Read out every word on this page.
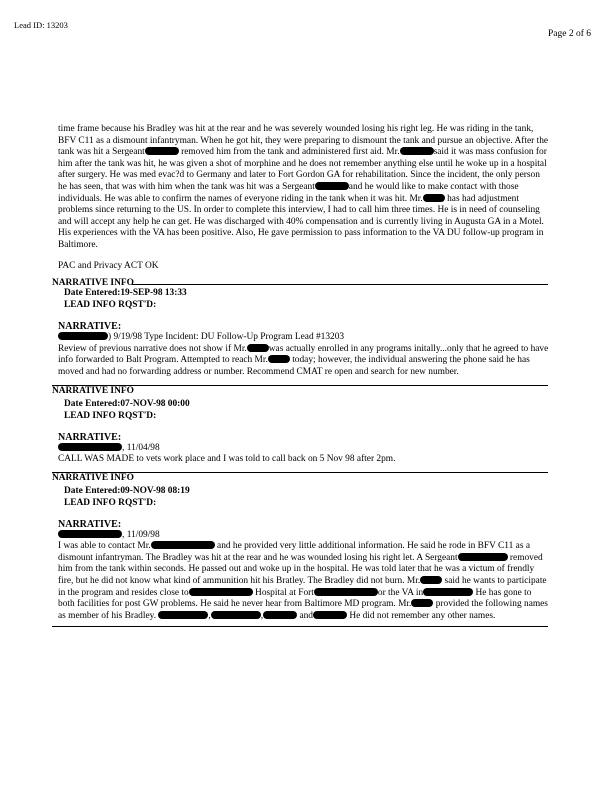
Lead ID: 13203
Page 2 of 6

time frame because his Bradley was hit at the rear and he was severely wounded losing his right leg. He was riding in the tank, BFV C11 as a dismount infantryman. When he got hit, they were preparing to dismount the tank and pursue an objective. After the tank was hit a Sergeant	removed him from the tank and administered first aid. Mr.	said it was mass confusion for him after the tank was hit, he was given a shot of morphine and he does not remember anything else until he woke up in a hospital after surgery. He was med evac?d to Germany and later to Fort Gordon GA for rehabilitation. Since the incident, the only person he has seen, that was with him when the tank was hit was a Sergeant	and he would like to make contact with those individuals. He was able to confirm the names of everyone riding in the tank when it was hit. Mr. has had adjustment problems since returning to the US. In order to complete this interview, I had to call him three times. He is in need of counseling and will accept any help he can get. He was discharged with 40% compensation and is currently living in Augusta GA in a Motel. His experiences with the VA has been positive. Also, He gave permission to pass information to the VA DU follow-up program in Baltimore.

PAC and Privacy ACT OK

NARRATIVE INFO
Date Entered:19-SEP-98 13:33
LEAD INFO RQST'D:
NARRATIVE:

) 9/19/98 Type Incident: DU Follow-Up Program Lead #13203

Review of previous narrative does not show if Mr. was actually enrolled in any programs initally...only that he agreed to have info forwarded to Balt Program. Attempted to reach Mr. today; however, the individual answering the phone said he has moved and had no forwarding address or number. Recommend CMAT re open and search for new number.

NARRATIVE INFO
Date Entered:07-NOV-98 00:00
LEAD INFO RQST'D:
NARRATIVE:

, 11/04/98

CALL WAS MADE to vets work place and I was told to call back on 5 Nov 98 after 2pm.

NARRATIVE INFO
Date Entered:09-NOV-98 08:19
LEAD INFO RQST'D:
NARRATIVE:

, 11/09/98

I was able to contact Mr.	and he provided very little additional information. He said he rode in BFV C11 as a dismount infantryman. The Bradley was hit at the rear and he was wounded losing his right let. A Sergeant	removed him from the tank within seconds. He passed out and woke up in the hospital. He was told later that he was a victum of frendly fire, but he did not know what kind of ammunition hit his Bratley. The Bradley did not burn. Mr. said he wants to participate in the program and resides close to	Hospital at Fort	or the VA in	He has gone to both facilities for post GW problems. He said he never hear from Baltimore MD program. Mr. provided the following names as member of his Bradley.	,	,	and	He did not remember any other names.
